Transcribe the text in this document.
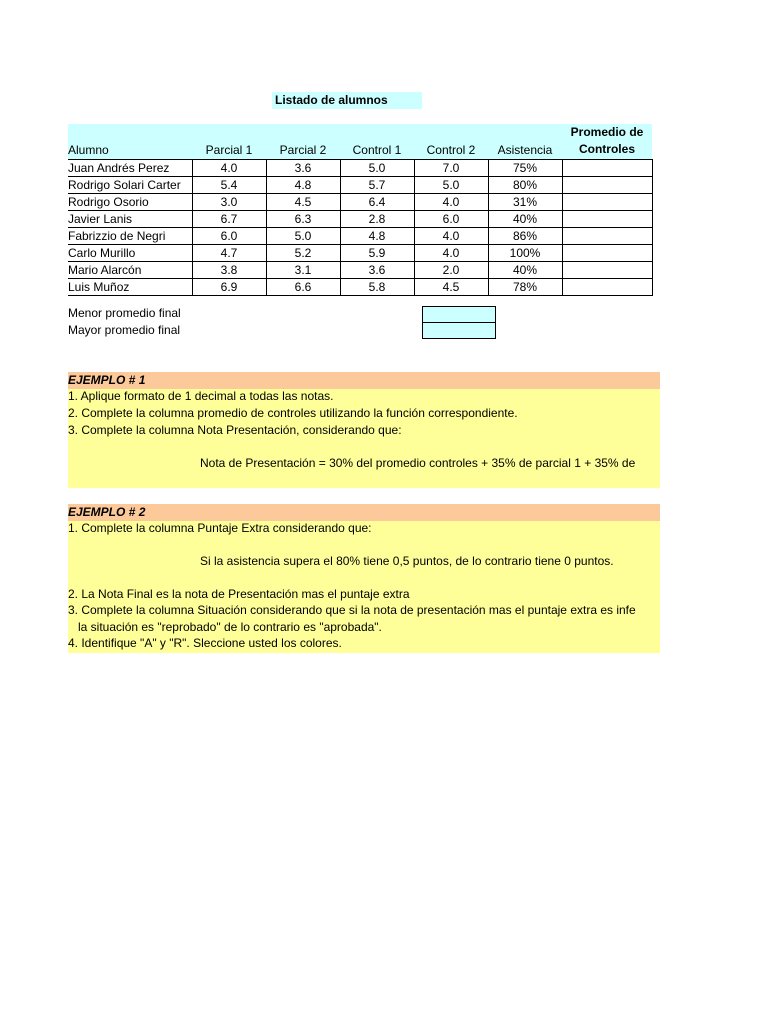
Listado de alumnos
Alumno	Parcial 1	Parcial 2	Control 1	Control 2	Asistencia	Promedio de Controles
Juan Andrés Perez	4.0	3.6	5.0	7.0	75%	
Rodrigo Solari Carter	5.4	4.8	5.7	5.0	80%	
Rodrigo Osorio	3.0	4.5	6.4	4.0	31%	
Javier Lanis	6.7	6.3	2.8	6.0	40%	
Fabrizzio de Negri	6.0	5.0	4.8	4.0	86%	
Carlo Murillo	4.7	5.2	5.9	4.0	100%	
Mario Alarcón	3.8	3.1	3.6	2.0	40%	
Luis Muñoz	6.9	6.6	5.8	4.5	78%	
Menor promedio final
Mayor promedio final
EJEMPLO # 1
1. Aplique formato de 1 decimal a todas las notas.
2. Complete la columna promedio de controles utilizando la función correspondiente.
3. Complete la columna Nota Presentación, considerando que:
Nota de Presentación = 30% del promedio controles + 35% de parcial 1 + 35% de
EJEMPLO # 2
1. Complete la columna Puntaje Extra considerando que:
Si la asistencia supera el 80% tiene 0,5 puntos, de lo contrario tiene 0 puntos.
2. La Nota Final es la nota de Presentación mas el puntaje extra
3. Complete la columna Situación considerando que si la nota de presentación mas el puntaje extra es infe
la situación es "reprobado" de lo contrario es "aprobada".
4. Identifique "A" y "R". Sleccione usted los colores.
